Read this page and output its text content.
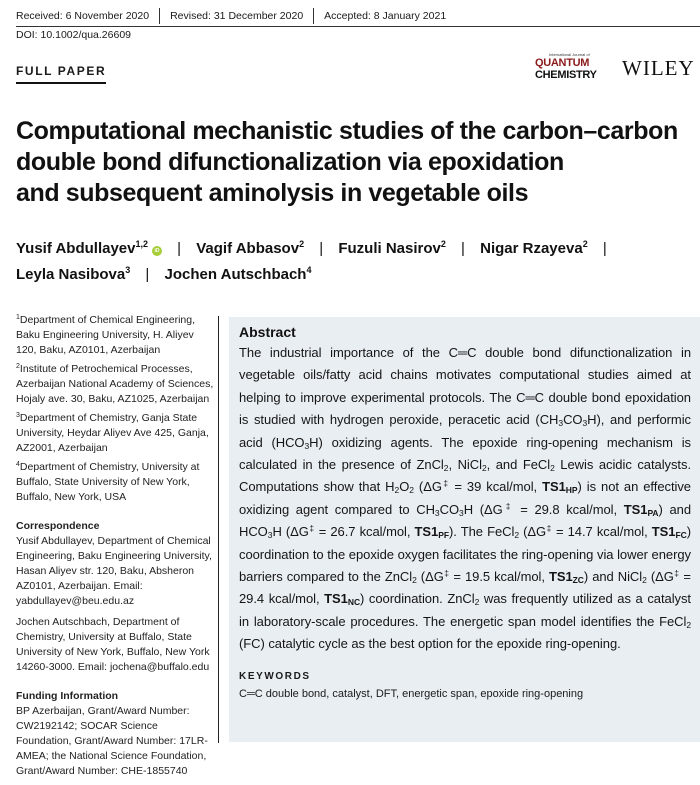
Received: 6 November 2020	Revised: 31 December 2020	Accepted: 8 January 2021
DOI: 10.1002/qua.26609
FULL PAPER
International Journal of
QUANTUM
CHEMISTRY	WILEY
Computational mechanistic studies of the carbon–carbon
double bond difunctionalization via epoxidation
and subsequent aminolysis in vegetable oils
Yusif Abdullayev$^{1,2}$iD | Vagif Abbasov$^2$ | Fuzuli Nasirov$^2$ | Nigar Rzayeva$^2$ |
Leyla Nasibova$^3$ | Jochen Autschbach$^4$
$^1$Department of Chemical Engineering, Baku Engineering University, H. Aliyev 120, Baku, AZ0101, Azerbaijan
$^2$Institute of Petrochemical Processes, Azerbaijan National Academy of Sciences, Hojaly ave. 30, Baku, AZ1025, Azerbaijan
$^3$Department of Chemistry, Ganja State University, Heydar Aliyev Ave 425, Ganja, AZ2001, Azerbaijan
$^4$Department of Chemistry, University at Buffalo, State University of New York, Buffalo, New York, USA
Correspondence

Yusif Abdullayev, Department of Chemical Engineering, Baku Engineering University, Hasan Aliyev str. 120, Baku, Absheron AZ0101, Azerbaijan. Email: yabdullayev@beu.edu.az

Jochen Autschbach, Department of Chemistry, University at Buffalo, State University of New York, Buffalo, New York 14260-3000. Email: jochena@buffalo.edu

Funding Information

BP Azerbaijan, Grant/Award Number: CW2192142; SOCAR Science Foundation, Grant/Award Number: 17LR-AMEA; the National Science Foundation, Grant/Award Number: CHE-1855740

Abstract
The industrial importance of the C═C double bond difunctionalization in vegetable oils/fatty acid chains motivates computational studies aimed at helping to improve experimental protocols. The C═C double bond epoxidation is studied with hydrogen peroxide, peracetic acid $(CH_3CO_3H)$, and performic acid $(HCO_3H)$ oxidizing agents. The epoxide ring-opening mechanism is calculated in the presence of ZnCl$_2$, NiCl$_2$, and FeCl$_2$ Lewis acidic catalysts. Computations show that $H_2O_2$ (ΔG‡ = 39 kcal/mol, $TS1_{HP}$) is not an effective oxidizing agent compared to $CH_3CO_3H$ (ΔG‡ = 29.8 kcal/mol, $TS1_{PA}$) and $HCO_3H$ (ΔG‡ = 26.7 kcal/mol, $TS1_{PF}$). The FeCl$_2$ (ΔG‡ = 14.7 kcal/mol, $TS1_{FC}$) coordination to the epoxide oxygen facilitates the ring-opening via lower energy barriers compared to the ZnCl$_2$ (ΔG‡ = 19.5 kcal/mol, $TS1_{ZC}$) and NiCl$_2$ (ΔG‡ = 29.4 kcal/mol, $TS1_{NC}$) coordination. ZnCl$_2$ was frequently utilized as a catalyst in laboratory-scale procedures. The energetic span model identifies the FeCl$_2$ (FC) catalytic cycle as the best option for the epoxide ring-opening.
KEYWORDS
C═C double bond, catalyst, DFT, energetic span, epoxide ring-opening
